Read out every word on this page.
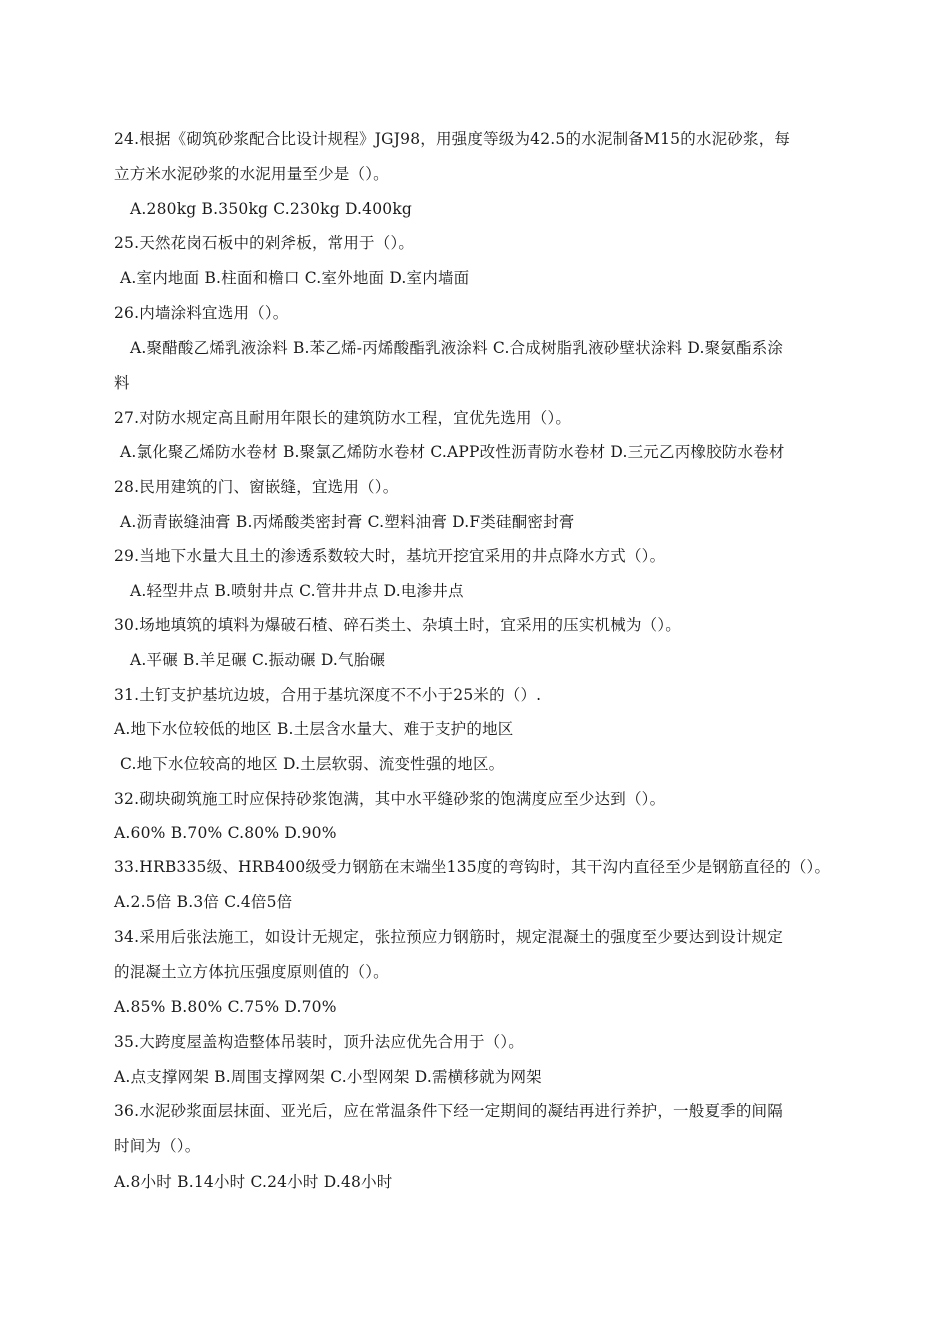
24.根据《砌筑砂浆配合比设计规程》JGJ98，用强度等级为42.5的水泥制备M15的水泥砂浆，每
立方米水泥砂浆的水泥用量至少是（）。
A.280kg B.350kg C.230kg D.400kg
25.天然花岗石板中的剁斧板，常用于（）。
A.室内地面 B.柱面和檐口 C.室外地面 D.室内墙面
26.内墙涂料宜选用（）。
A.聚醋酸乙烯乳液涂料 B.苯乙烯-丙烯酸酯乳液涂料 C.合成树脂乳液砂壁状涂料 D.聚氨酯系涂
料
27.对防水规定高且耐用年限长的建筑防水工程，宜优先选用（）。
A.氯化聚乙烯防水卷材 B.聚氯乙烯防水卷材 C.APP改性沥青防水卷材 D.三元乙丙橡胶防水卷材
28.民用建筑的门、窗嵌缝，宜选用（）。
A.沥青嵌缝油膏 B.丙烯酸类密封膏 C.塑料油膏 D.F类硅酮密封膏
29.当地下水量大且土的渗透系数较大时，基坑开挖宜采用的井点降水方式（）。
A.轻型井点 B.喷射井点 C.管井井点 D.电渗井点
30.场地填筑的填料为爆破石楂、碎石类土、杂填土时，宜采用的压实机械为（）。
A.平碾 B.羊足碾 C.振动碾 D.气胎碾
31.土钉支护基坑边坡，合用于基坑深度不不小于25米的（）.
A.地下水位较低的地区 B.土层含水量大、难于支护的地区
C.地下水位较高的地区 D.土层软弱、流变性强的地区。
32.砌块砌筑施工时应保持砂浆饱满，其中水平缝砂浆的饱满度应至少达到（）。
A.60% B.70% C.80% D.90%
33.HRB335级、HRB400级受力钢筋在末端坐135度的弯钩时，其干沟内直径至少是钢筋直径的（）。
A.2.5倍 B.3倍 C.4倍5倍
34.采用后张法施工，如设计无规定，张拉预应力钢筋时，规定混凝土的强度至少要达到设计规定
的混凝土立方体抗压强度原则值的（）。
A.85% B.80% C.75% D.70%
35.大跨度屋盖构造整体吊装时，顶升法应优先合用于（）。
A.点支撑网架 B.周围支撑网架 C.小型网架 D.需横移就为网架
36.水泥砂浆面层抹面、亚光后，应在常温条件下经一定期间的凝结再进行养护，一般夏季的间隔
时间为（）。
A.8小时 B.14小时 C.24小时 D.48小时
